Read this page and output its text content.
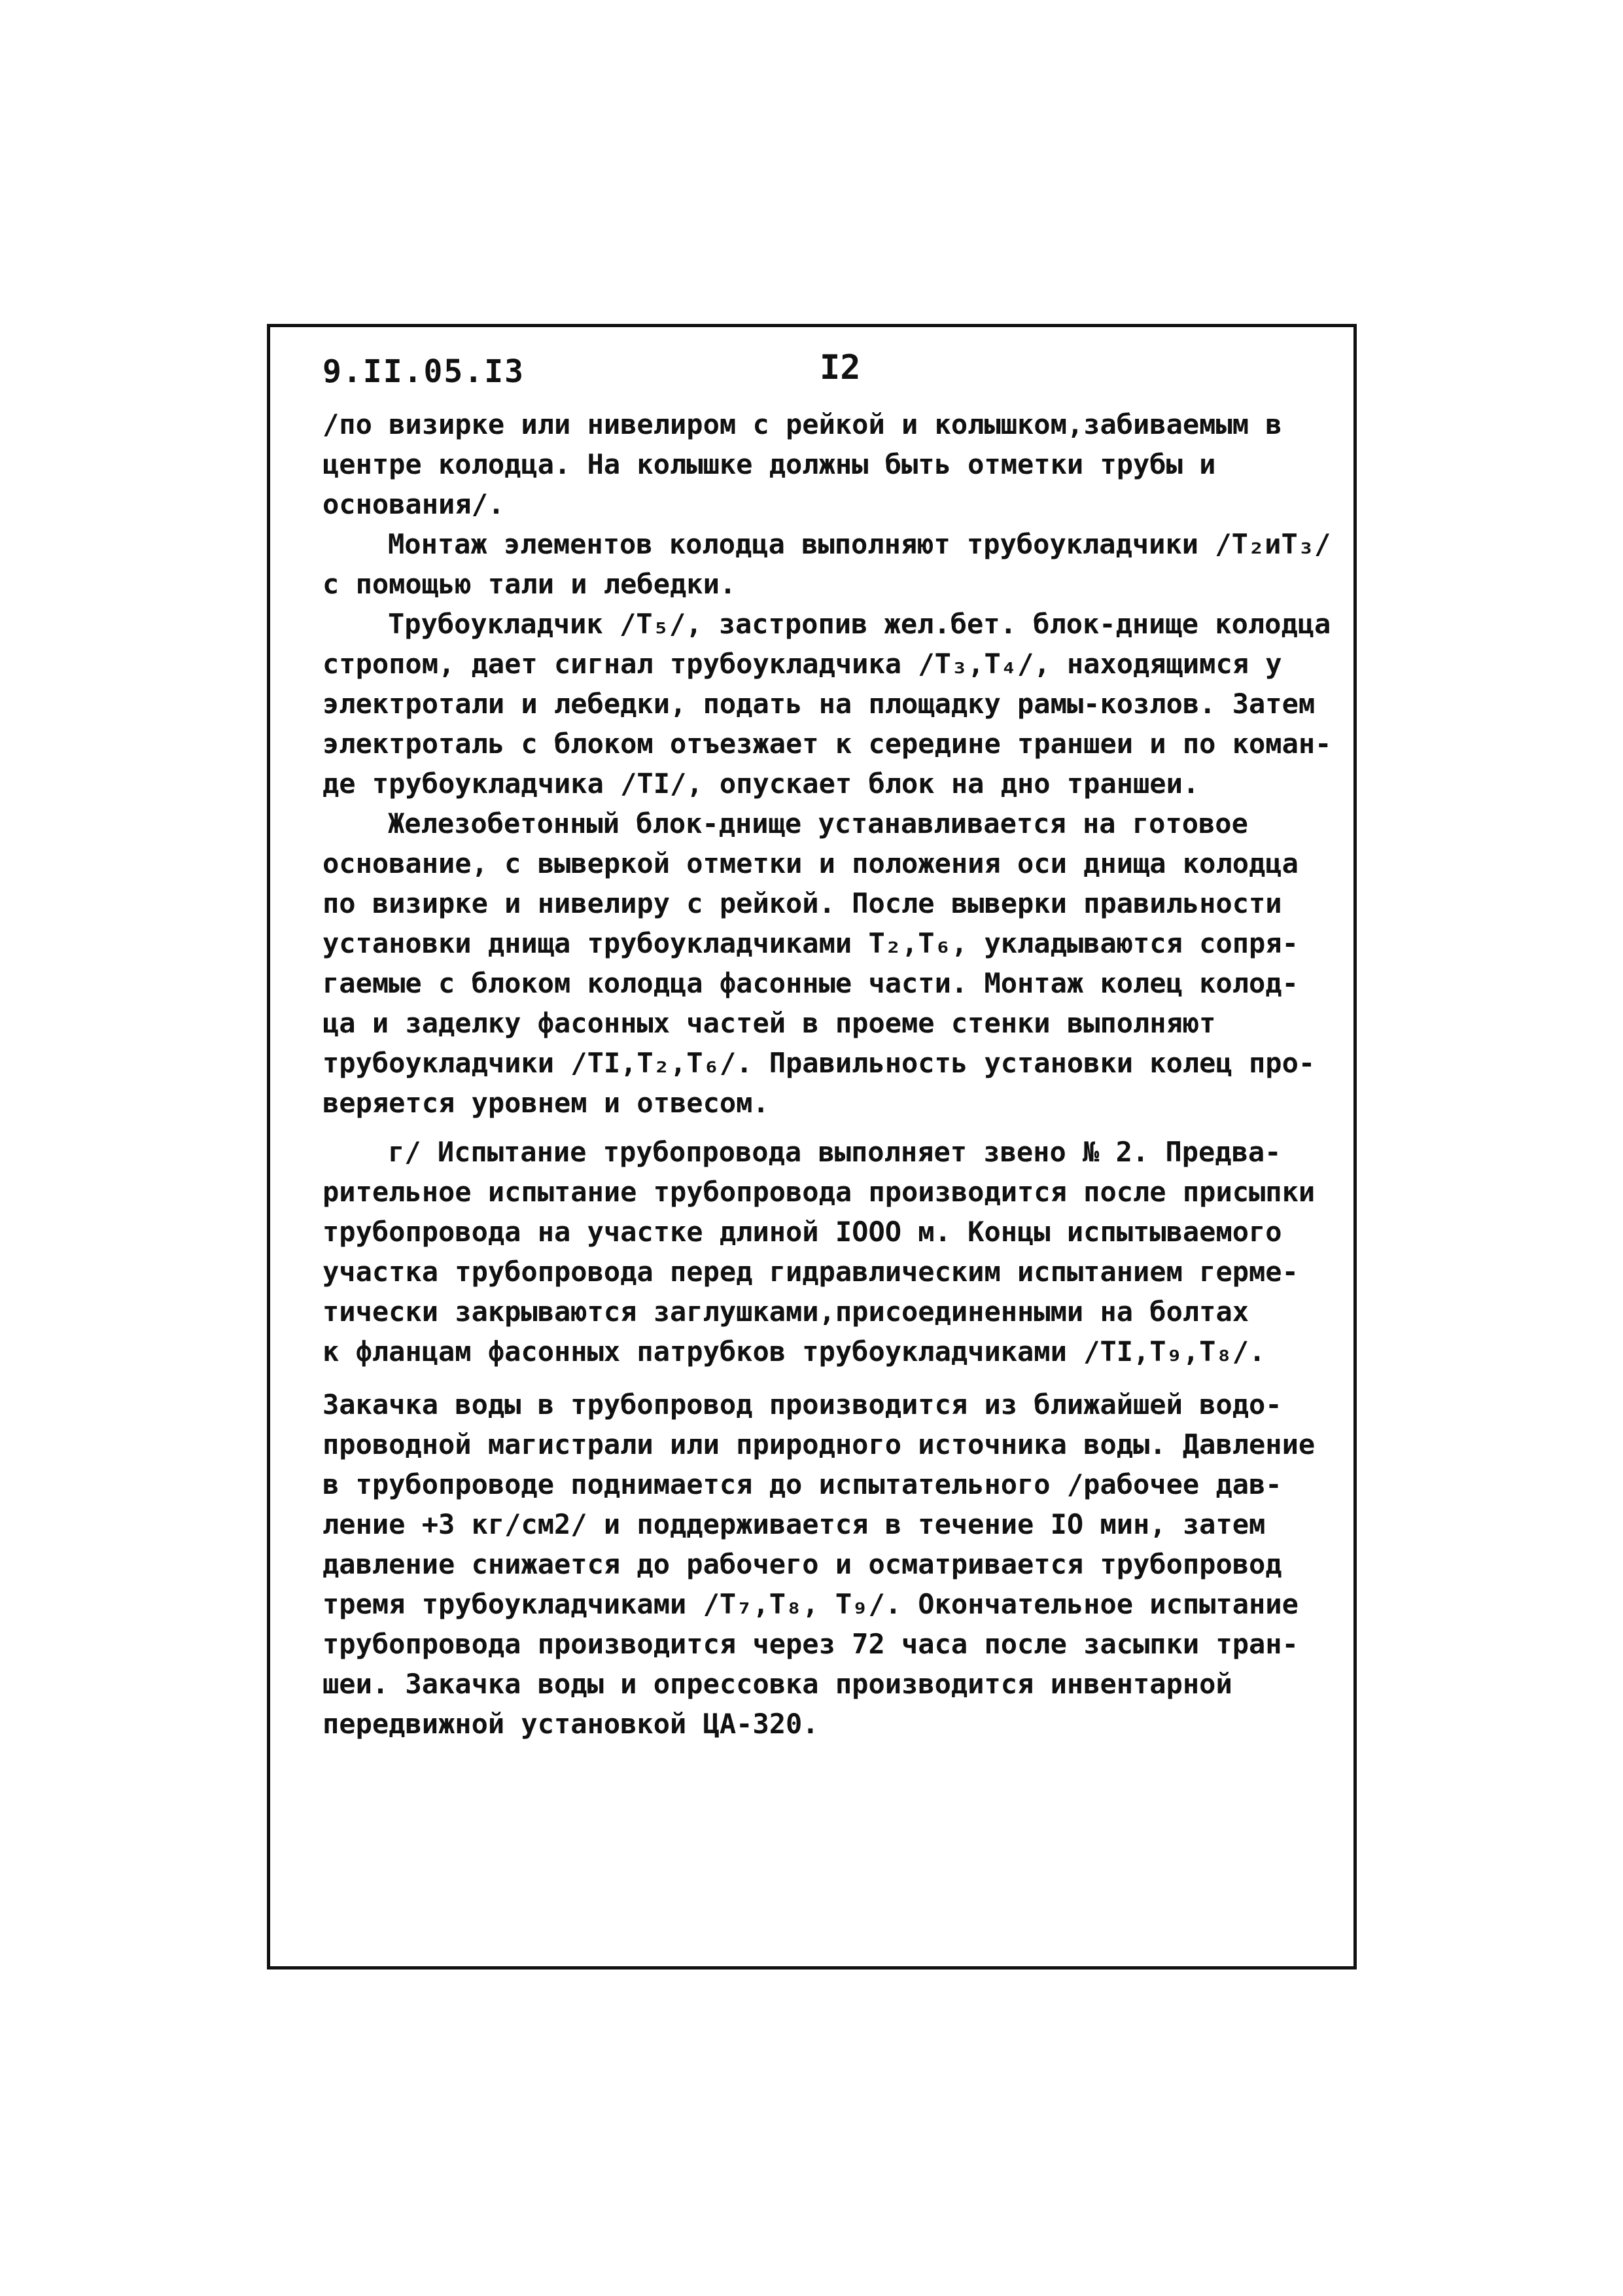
9.II.05.I3	I2
/по визирке или нивелиром с рейкой и колышком,забиваемым в
центре колодца. На колышке должны быть отметки трубы и
основания/.
Монтаж элементов колодца выполняют трубоукладчики /T₂иT₃/
с помощью тали и лебедки.
Трубоукладчик /T₅/, застропив жел.бет. блок-днище колодца
стропом, дает сигнал трубоукладчика /T₃,T₄/, находящимся у
электротали и лебедки, подать на площадку рамы-козлов. Затем
электроталь с блоком отъезжает к середине траншеи и по коман-
де трубоукладчика /TI/, опускает блок на дно траншеи.
Железобетонный блок-днище устанавливается на готовое
основание, с выверкой отметки и положения оси днища колодца
по визирке и нивелиру с рейкой. После выверки правильности
установки днища трубоукладчиками T₂,T₆, укладываются сопря-
гаемые с блоком колодца фасонные части. Монтаж колец колод-
ца и заделку фасонных частей в проеме стенки выполняют
трубоукладчики /TI,T₂,T₆/. Правильность установки колец про-
веряется уровнем и отвесом.
г/ Испытание трубопровода выполняет звено № 2. Предва-
рительное испытание трубопровода производится после присыпки
трубопровода на участке длиной IOOO м. Концы испытываемого
участка трубопровода перед гидравлическим испытанием герме-
тически закрываются заглушками,присоединенными на болтах
к фланцам фасонных патрубков трубоукладчиками /TI,T₉,T₈/.
Закачка воды в трубопровод производится из ближайшей водо-
проводной магистрали или природного источника воды. Давление
в трубопроводе поднимается до испытательного /рабочее дав-
ление +3 кг/см2/ и поддерживается в течение IO мин, затем
давление снижается до рабочего и осматривается трубопровод
тремя трубоукладчиками /T₇,T₈, T₉/. Окончательное испытание
трубопровода производится через 72 часа после засыпки тран-
шеи. Закачка воды и опрессовка производится инвентарной
передвижной установкой ЦА-320.
